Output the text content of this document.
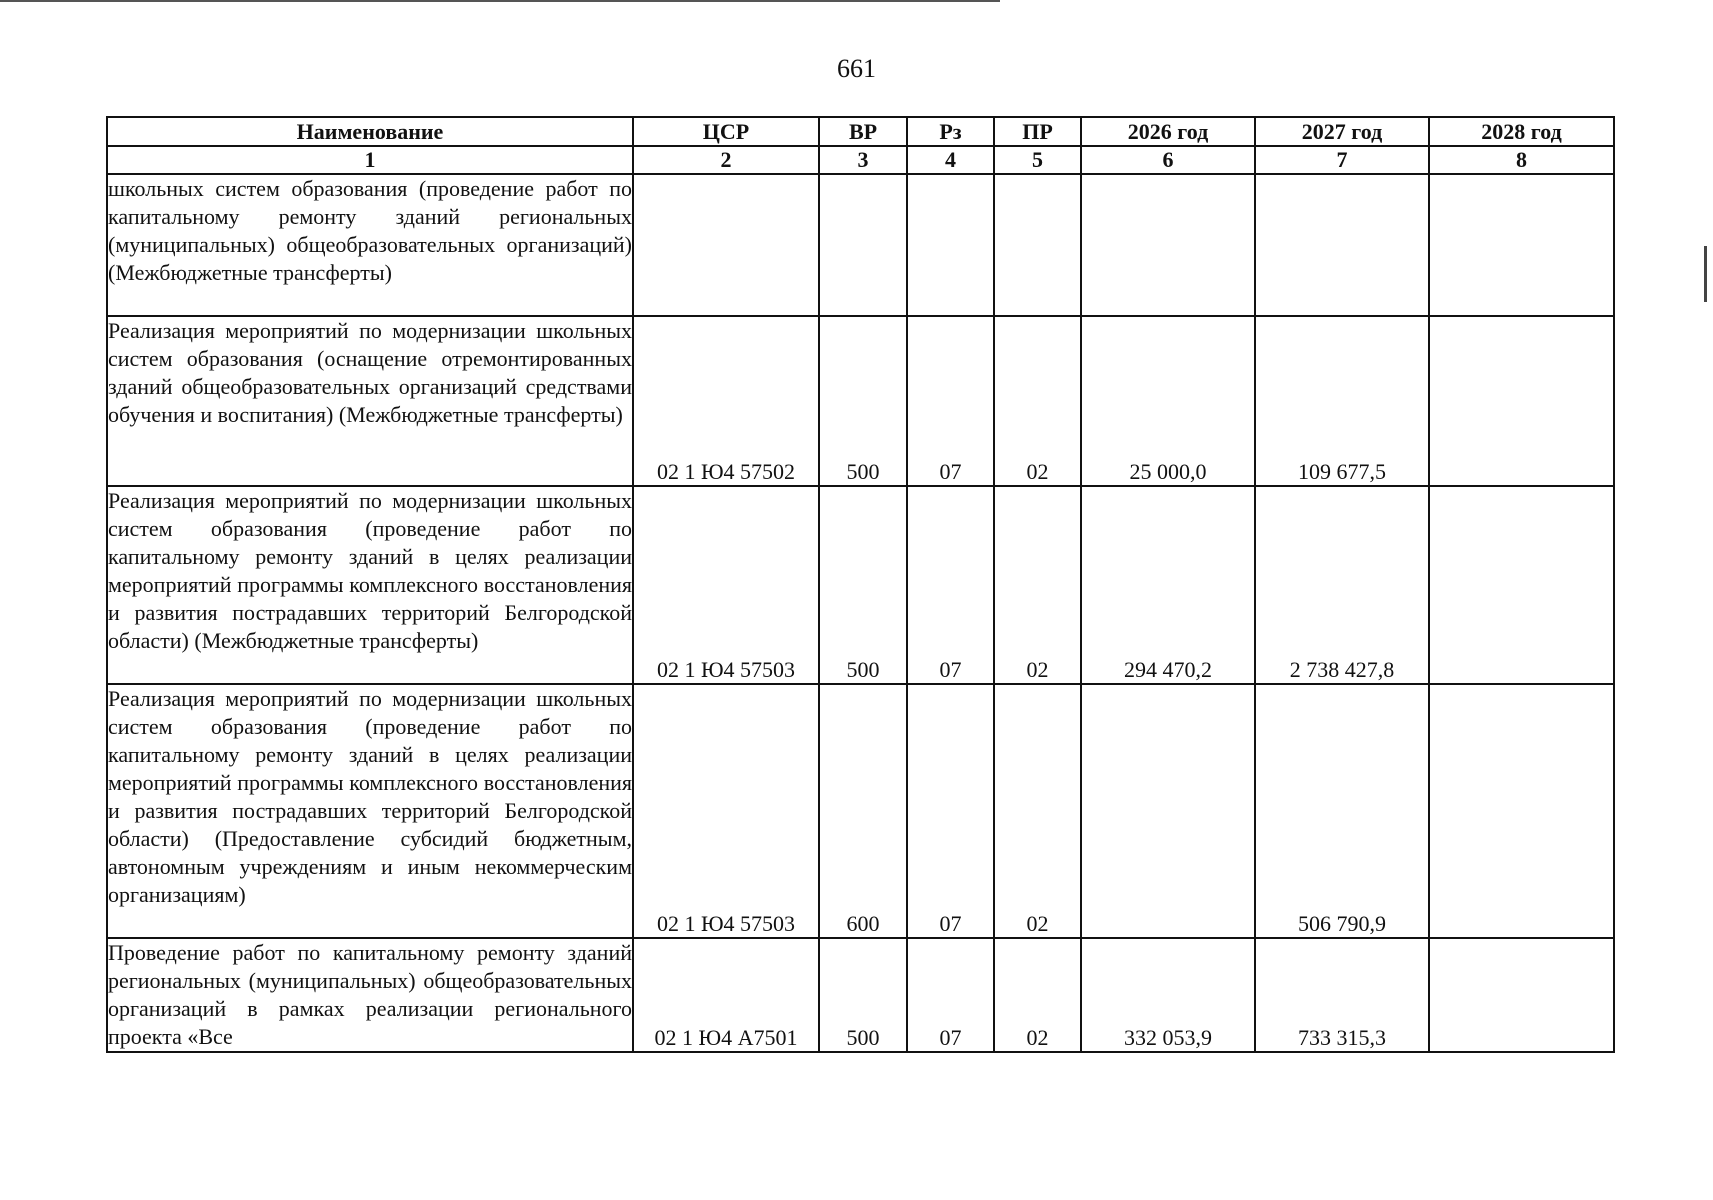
661
Наименование	ЦСР	ВР	Рз	ПР	2026 год	2027 год	2028 год
1	2	3	4	5	6	7	8
школьных систем образования (проведение работ по капитальному ремонту зданий региональных (муниципальных) общеобразовательных организаций) (Межбюджетные трансферты)							
Реализация мероприятий по модернизации школьных систем образования (оснащение отремонтированных зданий общеобразовательных организаций средствами обучения и воспитания) (Межбюджетные трансферты)	02 1 Ю4 57502	500	07	02	25 000,0	109 677,5	
Реализация мероприятий по модернизации школьных систем образования (проведение работ по капитальному ремонту зданий в целях реализации мероприятий программы комплексного восстановления и развития пострадавших территорий Белгородской области) (Межбюджетные трансферты)	02 1 Ю4 57503	500	07	02	294 470,2	2 738 427,8	
Реализация мероприятий по модернизации школьных систем образования (проведение работ по капитальному ремонту зданий в целях реализации мероприятий программы комплексного восстановления и развития пострадавших территорий Белгородской области) (Предоставление субсидий бюджетным, автономным учреждениям и иным некоммерческим организациям)	02 1 Ю4 57503	600	07	02		506 790,9	
Проведение работ по капитальному ремонту зданий региональных (муниципальных) общеобразовательных организаций в рамках реализации регионального проекта «Все	02 1 Ю4 А7501	500	07	02	332 053,9	733 315,3	
